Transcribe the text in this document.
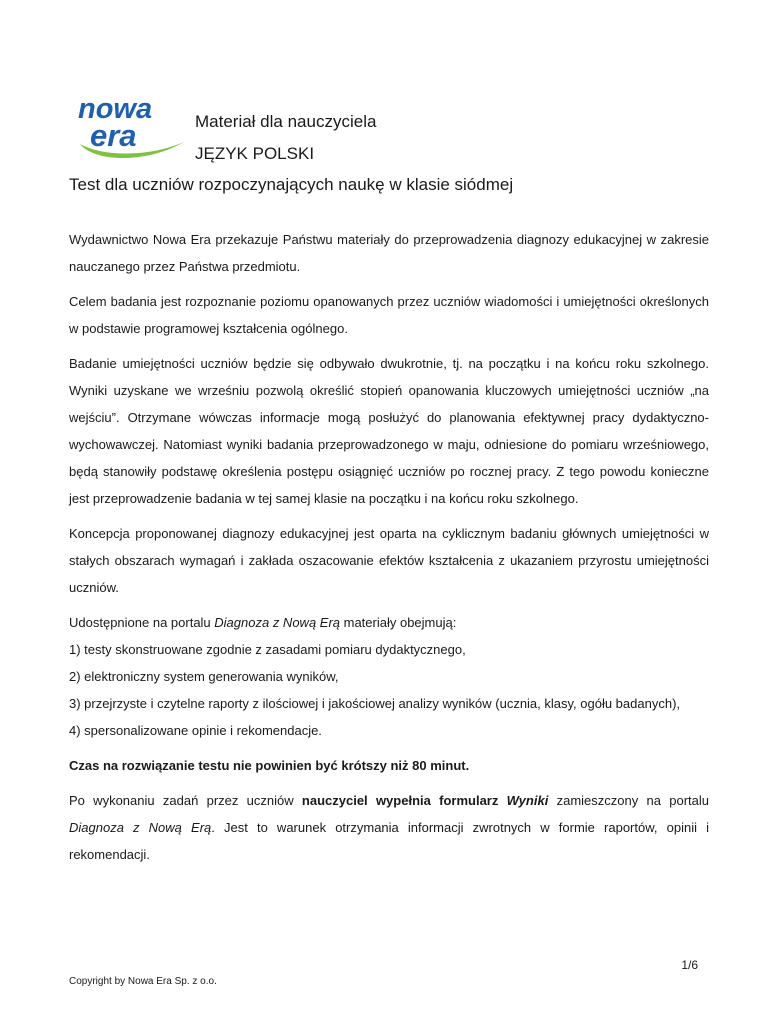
nowa
era	Materiał dla nauczyciela
JĘZYK POLSKI
Test dla uczniów rozpoczynających naukę w klasie siódmej

Wydawnictwo Nowa Era przekazuje Państwu materiały do przeprowadzenia diagnozy edukacyjnej w zakresie nauczanego przez Państwa przedmiotu.

Celem badania jest rozpoznanie poziomu opanowanych przez uczniów wiadomości i umiejętności określonych w podstawie programowej kształcenia ogólnego.

Badanie umiejętności uczniów będzie się odbywało dwukrotnie, tj. na początku i na końcu roku szkolnego. Wyniki uzyskane we wrześniu pozwolą określić stopień opanowania kluczowych umiejętności uczniów „na wejściu”. Otrzymane wówczas informacje mogą posłużyć do planowania efektywnej pracy dydaktyczno-wychowawczej. Natomiast wyniki badania przeprowadzonego w maju, odniesione do pomiaru wrześniowego, będą stanowiły podstawę określenia postępu osiągnięć uczniów po rocznej pracy. Z tego powodu konieczne jest przeprowadzenie badania w tej samej klasie na początku i na końcu roku szkolnego.

Koncepcja proponowanej diagnozy edukacyjnej jest oparta na cyklicznym badaniu głównych umiejętności w stałych obszarach wymagań i zakłada oszacowanie efektów kształcenia z ukazaniem przyrostu umiejętności uczniów.

Udostępnione na portalu Diagnoza z Nową Erą materiały obejmują:
1) testy skonstruowane zgodnie z zasadami pomiaru dydaktycznego,
2) elektroniczny system generowania wyników,
3) przejrzyste i czytelne raporty z ilościowej i jakościowej analizy wyników (ucznia, klasy, ogółu badanych),
4) spersonalizowane opinie i rekomendacje.

Czas na rozwiązanie testu nie powinien być krótszy niż 80 minut.

Po wykonaniu zadań przez uczniów nauczyciel wypełnia formularz Wyniki zamieszczony na portalu Diagnoza z Nową Erą. Jest to warunek otrzymania informacji zwrotnych w formie raportów, opinii i rekomendacji.

1/6
Copyright by Nowa Era Sp. z o.o.
